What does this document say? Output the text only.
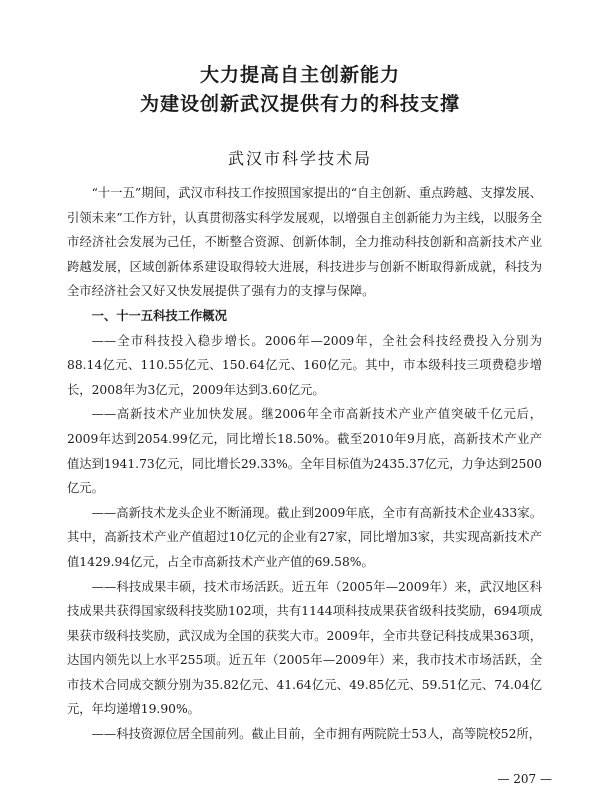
大力提高自主创新能力
为建设创新武汉提供有力的科技支撑
武汉市科学技术局

“十一五”期间，武汉市科技工作按照国家提出的“自主创新、重点跨越、支撑发展、引领未来”工作方针，认真贯彻落实科学发展观，以增强自主创新能力为主线，以服务全市经济社会发展为己任，不断整合资源、创新体制，全力推动科技创新和高新技术产业跨越发展，区域创新体系建设取得较大进展，科技进步与创新不断取得新成就，科技为全市经济社会又好又快发展提供了强有力的支撑与保障。

一、十一五科技工作概况

——全市科技投入稳步增长。2006年—2009年，全社会科技经费投入分别为88.14亿元、110.55亿元、150.64亿元、160亿元。其中，市本级科技三项费稳步增长，2008年为3亿元，2009年达到3.60亿元。

——高新技术产业加快发展。继2006年全市高新技术产业产值突破千亿元后，2009年达到2054.99亿元，同比增长18.50%。截至2010年9月底，高新技术产业产值达到1941.73亿元，同比增长29.33%。全年目标值为2435.37亿元，力争达到2500亿元。

——高新技术龙头企业不断涌现。截止到2009年底，全市有高新技术企业433家。其中，高新技术产业产值超过10亿元的企业有27家，同比增加3家，共实现高新技术产值1429.94亿元，占全市高新技术产业产值的69.58%。

——科技成果丰硕，技术市场活跃。近五年（2005年—2009年）来，武汉地区科技成果共获得国家级科技奖励102项，共有1144项科技成果获省级科技奖励，694项成果获市级科技奖励，武汉成为全国的获奖大市。2009年，全市共登记科技成果363项，达国内领先以上水平255项。近五年（2005年—2009年）来，我市技术市场活跃，全市技术合同成交额分别为35.82亿元、41.64亿元、49.85亿元、59.51亿元、74.04亿元，年均递增19.90%。

——科技资源位居全国前列。截止目前，全市拥有两院院士53人，高等院校52所，

— 207 —
